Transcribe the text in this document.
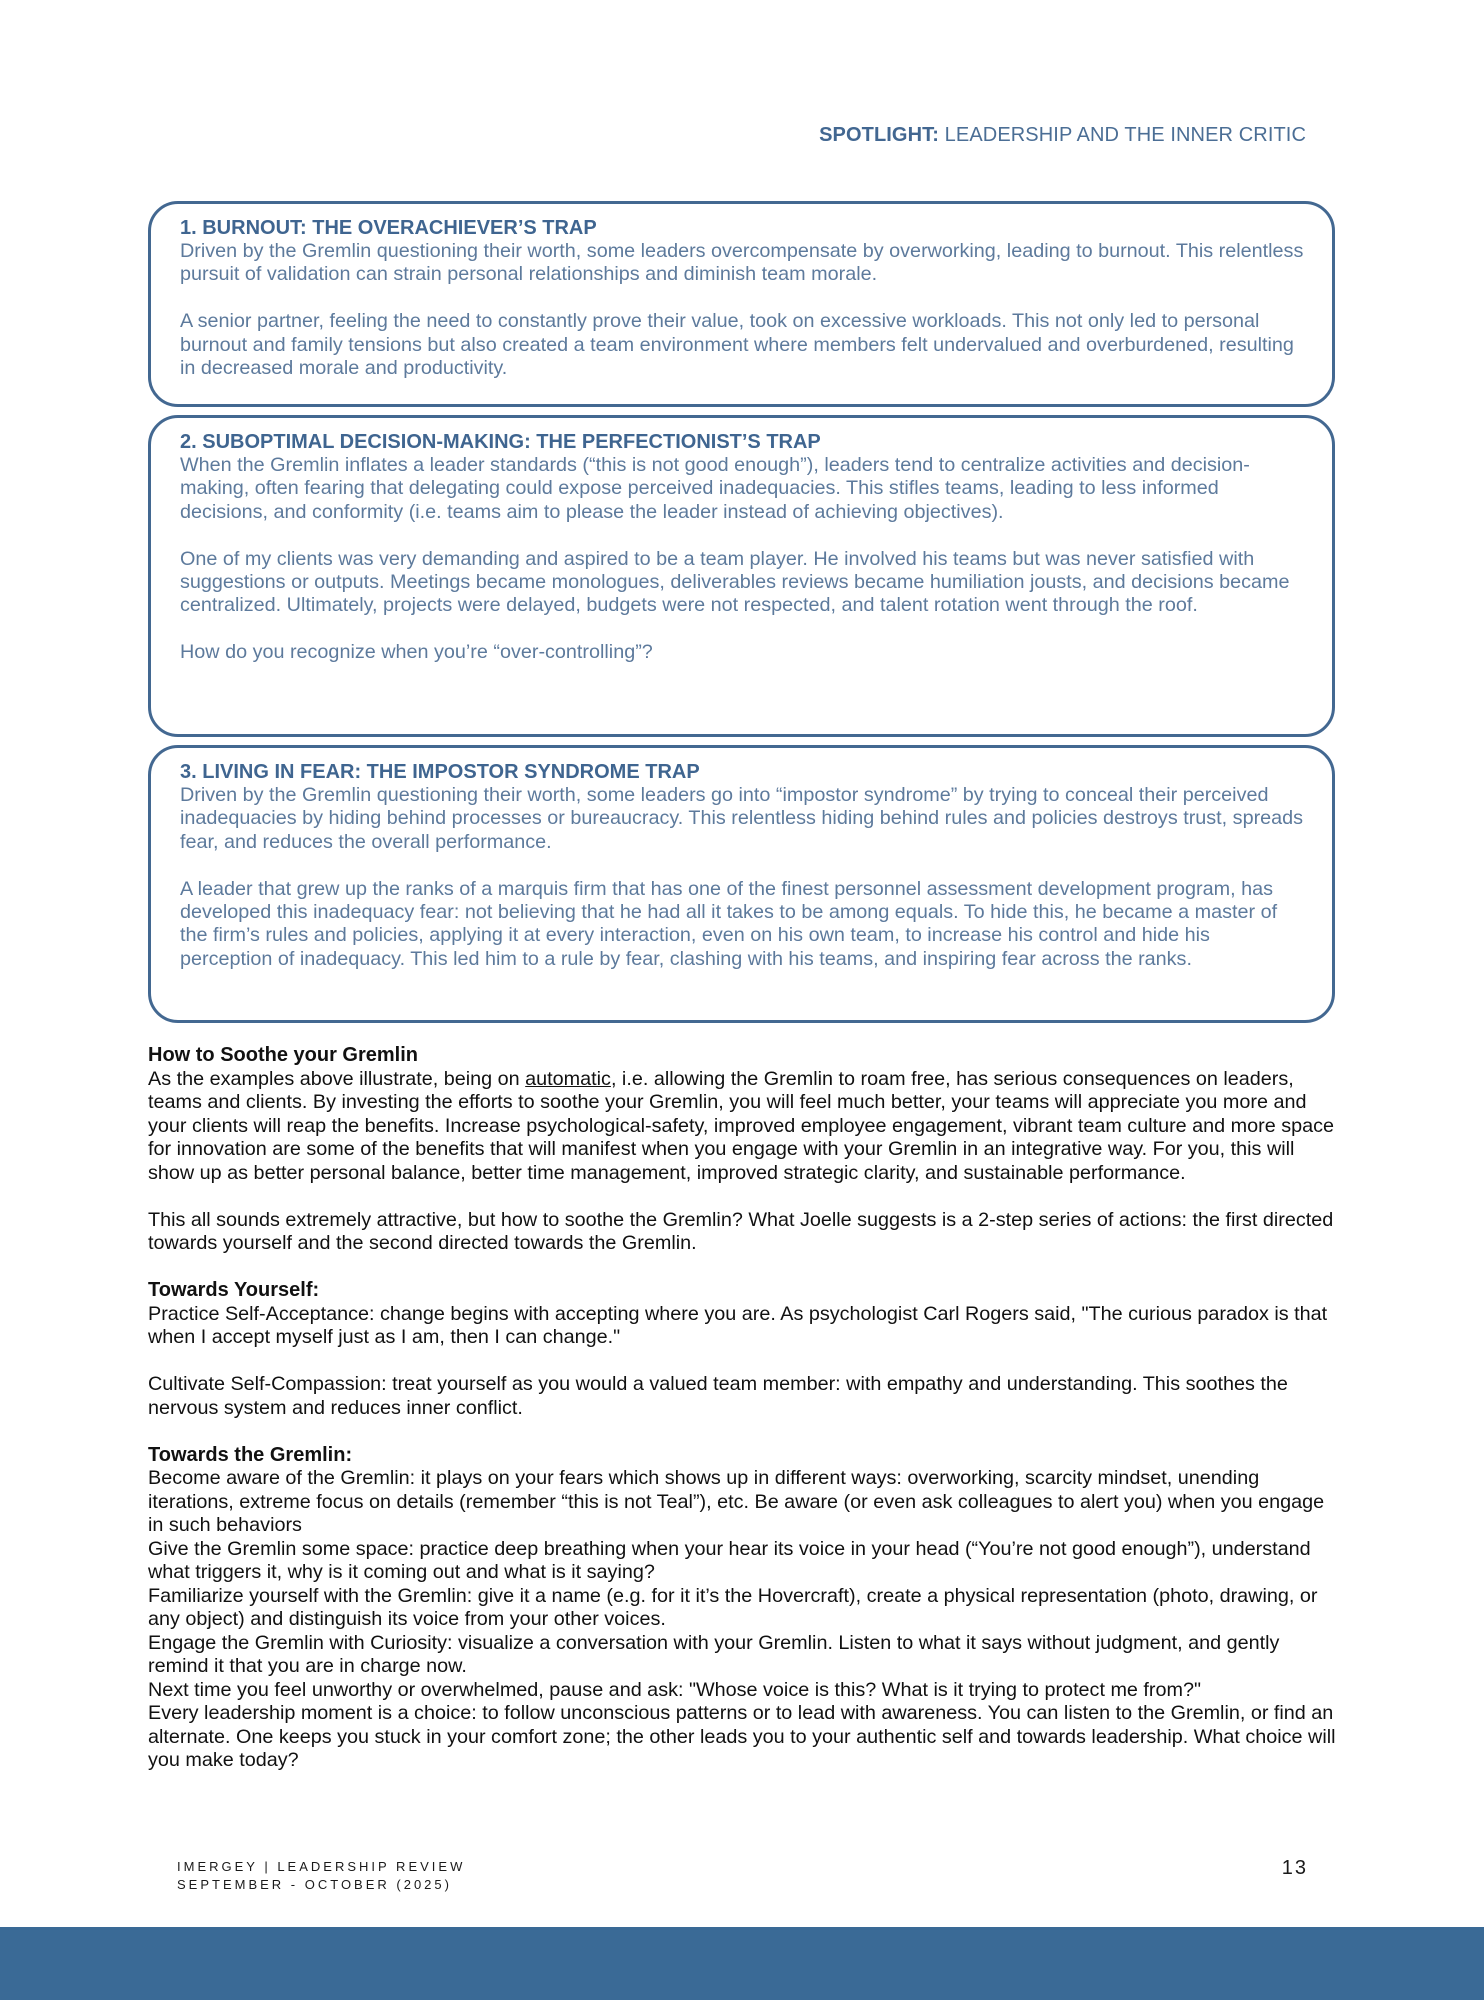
SPOTLIGHT: LEADERSHIP AND THE INNER CRITIC
1. BURNOUT: THE OVERACHIEVER’S TRAP

Driven by the Gremlin questioning their worth, some leaders overcompensate by overworking, leading to burnout. This relentless pursuit of validation can strain personal relationships and diminish team morale.

A senior partner, feeling the need to constantly prove their value, took on excessive workloads. This not only led to personal burnout and family tensions but also created a team environment where members felt undervalued and overburdened, resulting in decreased morale and productivity.

2. SUBOPTIMAL DECISION-MAKING: THE PERFECTIONIST’S TRAP

When the Gremlin inflates a leader standards (“this is not good enough”), leaders tend to centralize activities and decision-making, often fearing that delegating could expose perceived inadequacies. This stifles teams, leading to less informed decisions, and conformity (i.e. teams aim to please the leader instead of achieving objectives).

One of my clients was very demanding and aspired to be a team player. He involved his teams but was never satisfied with suggestions or outputs. Meetings became monologues, deliverables reviews became humiliation jousts, and decisions became centralized. Ultimately, projects were delayed, budgets were not respected, and talent rotation went through the roof.

How do you recognize when you’re “over-controlling”?

3. LIVING IN FEAR: THE IMPOSTOR SYNDROME TRAP

Driven by the Gremlin questioning their worth, some leaders go into “impostor syndrome” by trying to conceal their perceived inadequacies by hiding behind processes or bureaucracy. This relentless hiding behind rules and policies destroys trust, spreads fear, and reduces the overall performance.

A leader that grew up the ranks of a marquis firm that has one of the finest personnel assessment development program, has developed this inadequacy fear: not believing that he had all it takes to be among equals. To hide this, he became a master of the firm’s rules and policies, applying it at every interaction, even on his own team, to increase his control and hide his perception of inadequacy. This led him to a rule by fear, clashing with his teams, and inspiring fear across the ranks.

How to Soothe your Gremlin

As the examples above illustrate, being on automatic, i.e. allowing the Gremlin to roam free, has serious consequences on leaders, teams and clients. By investing the efforts to soothe your Gremlin, you will feel much better, your teams will appreciate you more and your clients will reap the benefits. Increase psychological-safety, improved employee engagement, vibrant team culture and more space for innovation are some of the benefits that will manifest when you engage with your Gremlin in an integrative way. For you, this will show up as better personal balance, better time management, improved strategic clarity, and sustainable performance.

This all sounds extremely attractive, but how to soothe the Gremlin? What Joelle suggests is a 2-step series of actions: the first directed towards yourself and the second directed towards the Gremlin.

Towards Yourself:

Practice Self-Acceptance: change begins with accepting where you are. As psychologist Carl Rogers said, "The curious paradox is that when I accept myself just as I am, then I can change."

Cultivate Self-Compassion: treat yourself as you would a valued team member: with empathy and understanding. This soothes the nervous system and reduces inner conflict.

Towards the Gremlin:

Become aware of the Gremlin: it plays on your fears which shows up in different ways: overworking, scarcity mindset, unending iterations, extreme focus on details (remember “this is not Teal”), etc. Be aware (or even ask colleagues to alert you) when you engage in such behaviors

Give the Gremlin some space: practice deep breathing when your hear its voice in your head (“You’re not good enough”), understand what triggers it, why is it coming out and what is it saying?

Familiarize yourself with the Gremlin: give it a name (e.g. for it it’s the Hovercraft), create a physical representation (photo, drawing, or any object) and distinguish its voice from your other voices.

Engage the Gremlin with Curiosity: visualize a conversation with your Gremlin. Listen to what it says without judgment, and gently remind it that you are in charge now.

Next time you feel unworthy or overwhelmed, pause and ask: "Whose voice is this? What is it trying to protect me from?"

Every leadership moment is a choice: to follow unconscious patterns or to lead with awareness. You can listen to the Gremlin, or find an alternate. One keeps you stuck in your comfort zone; the other leads you to your authentic self and towards leadership. What choice will you make today?

IMERGEY | LEADERSHIP REVIEW
SEPTEMBER - OCTOBER (2025)
13
